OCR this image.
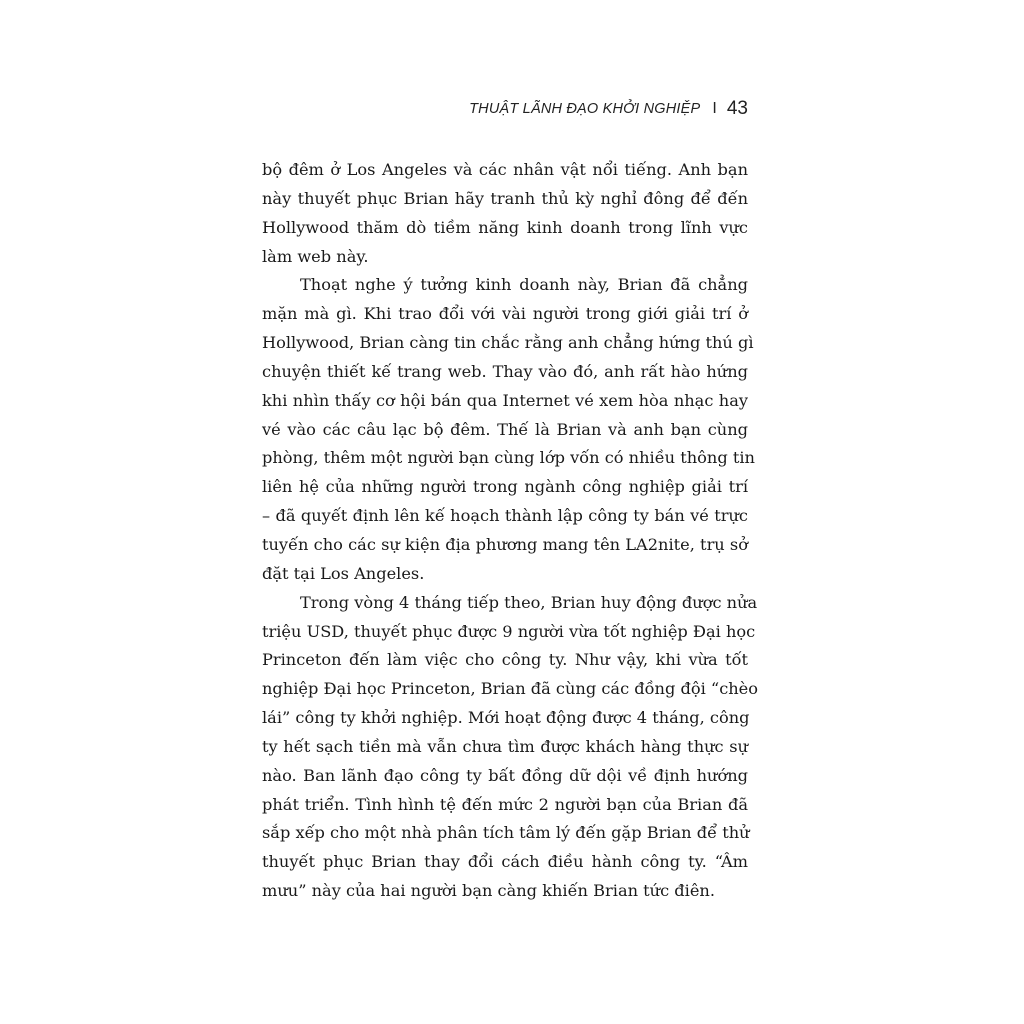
THUẬT LÃNH ĐẠO KHỞI NGHIỆP I 43
bộ đêm ở Los Angeles và các nhân vật nổi tiếng. Anh bạn
này thuyết phục Brian hãy tranh thủ kỳ nghỉ đông để đến
Hollywood thăm dò tiềm năng kinh doanh trong lĩnh vực
làm web này.
Thoạt nghe ý tưởng kinh doanh này, Brian đã chẳng
mặn mà gì. Khi trao đổi với vài người trong giới giải trí ở
Hollywood, Brian càng tin chắc rằng anh chẳng hứng thú gì
chuyện thiết kế trang web. Thay vào đó, anh rất hào hứng
khi nhìn thấy cơ hội bán qua Internet vé xem hòa nhạc hay
vé vào các câu lạc bộ đêm. Thế là Brian và anh bạn cùng
phòng, thêm một người bạn cùng lớp vốn có nhiều thông tin
liên hệ của những người trong ngành công nghiệp giải trí
– đã quyết định lên kế hoạch thành lập công ty bán vé trực
tuyến cho các sự kiện địa phương mang tên LA2nite, trụ sở
đặt tại Los Angeles.
Trong vòng 4 tháng tiếp theo, Brian huy động được nửa
triệu USD, thuyết phục được 9 người vừa tốt nghiệp Đại học
Princeton đến làm việc cho công ty. Như vậy, khi vừa tốt
nghiệp Đại học Princeton, Brian đã cùng các đồng đội “chèo
lái” công ty khởi nghiệp. Mới hoạt động được 4 tháng, công
ty hết sạch tiền mà vẫn chưa tìm được khách hàng thực sự
nào. Ban lãnh đạo công ty bất đồng dữ dội về định hướng
phát triển. Tình hình tệ đến mức 2 người bạn của Brian đã
sắp xếp cho một nhà phân tích tâm lý đến gặp Brian để thử
thuyết phục Brian thay đổi cách điều hành công ty. “Âm
mưu” này của hai người bạn càng khiến Brian tức điên.
